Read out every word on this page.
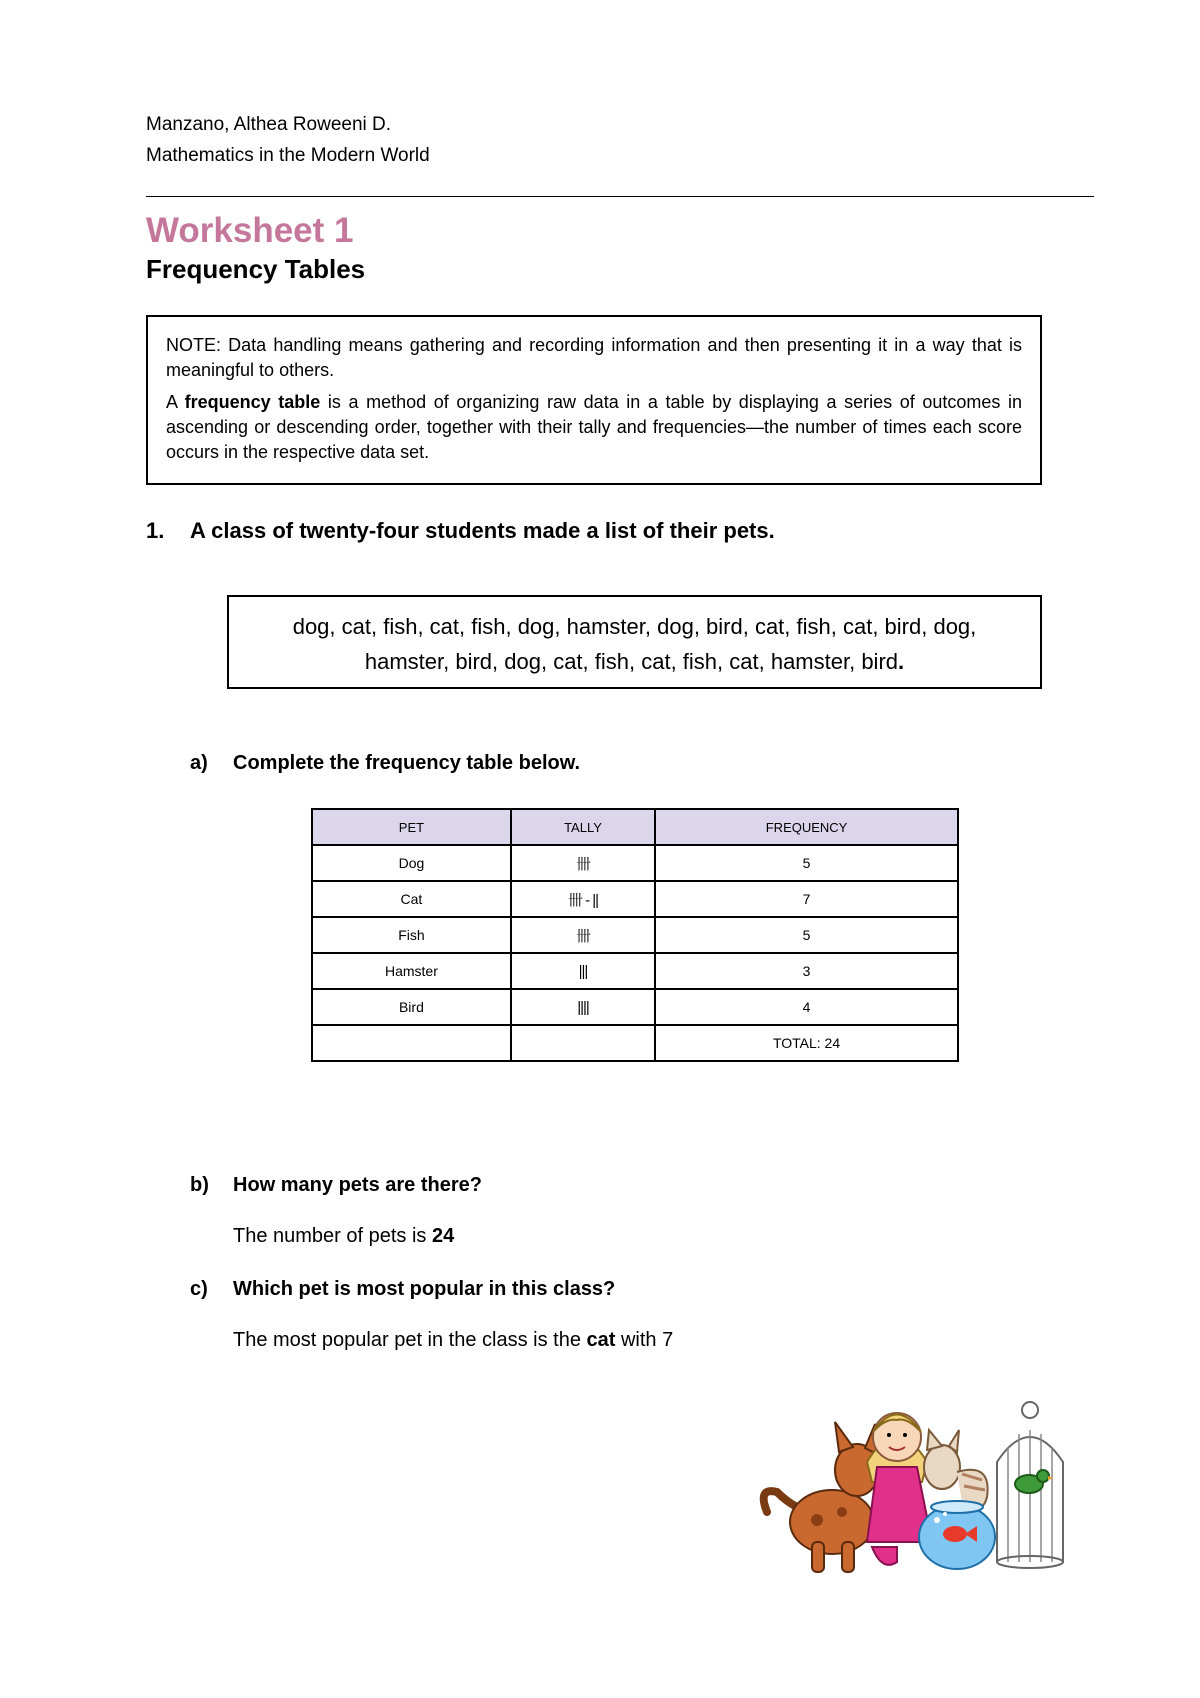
Manzano, Althea Roweeni D.
Mathematics in the Modern World
Worksheet 1
Frequency Tables

NOTE: Data handling means gathering and recording information and then presenting it in a way that is meaningful to others.

A frequency table is a method of organizing raw data in a table by displaying a series of outcomes in ascending or descending order, together with their tally and frequencies—the number of times each score occurs in the respective data set.

1. A class of twenty-four students made a list of their pets.
dog, cat, fish, cat, fish, dog, hamster, dog, bird, cat, fish, cat, bird, dog,
hamster, bird, dog, cat, fish, cat, fish, cat, hamster, bird.
a) Complete the frequency table below.
PET	TALLY	FREQUENCY
Dog	卌	5
Cat	卌 - ||	7
Fish	卌	5
Hamster	|||	3
Bird	||||	4
		TOTAL: 24
b) How many pets are there?
The number of pets is 24
c) Which pet is most popular in this class?
The most popular pet in the class is the cat with 7
